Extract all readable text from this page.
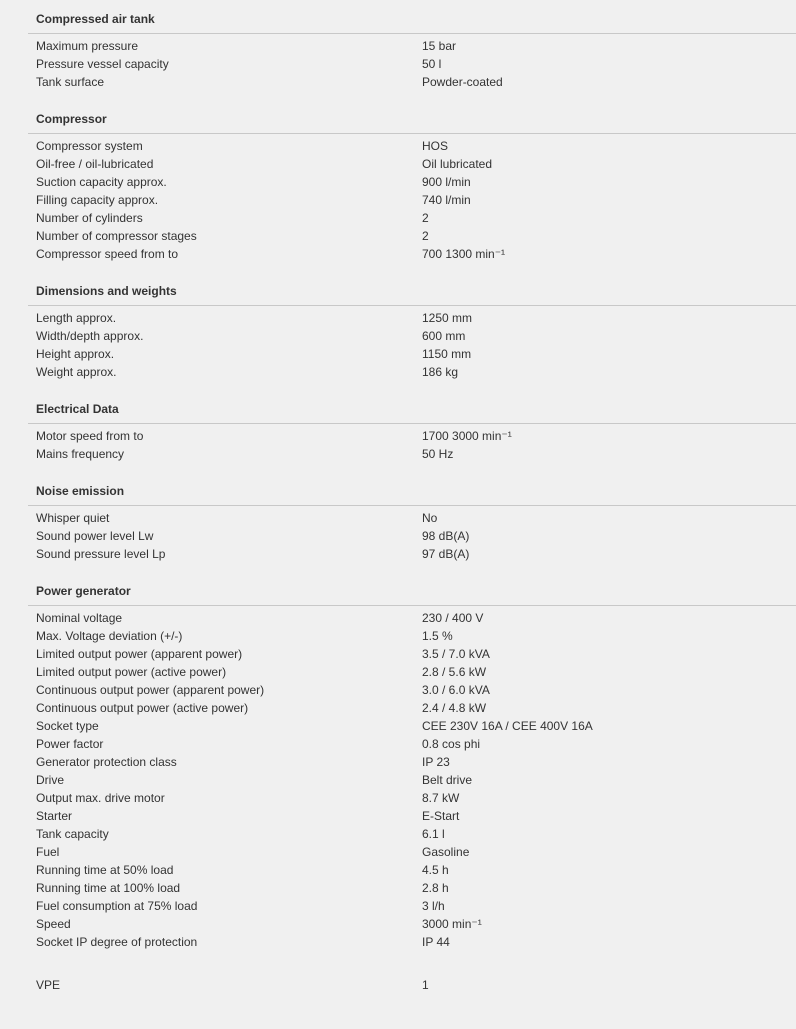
Compressed air tank
Maximum pressure	15 bar
Pressure vessel capacity	50 l
Tank surface	Powder-coated
Compressor
Compressor system	HOS
Oil-free / oil-lubricated	Oil lubricated
Suction capacity approx.	900 l/min
Filling capacity approx.	740 l/min
Number of cylinders	2
Number of compressor stages	2
Compressor speed from to	700 1300 min⁻¹
Dimensions and weights
Length approx.	1250 mm
Width/depth approx.	600 mm
Height approx.	1150 mm
Weight approx.	186 kg
Electrical Data
Motor speed from to	1700 3000 min⁻¹
Mains frequency	50 Hz
Noise emission
Whisper quiet	No
Sound power level Lw	98 dB(A)
Sound pressure level Lp	97 dB(A)
Power generator
Nominal voltage	230 / 400 V
Max. Voltage deviation (+/-)	1.5 %
Limited output power (apparent power)	3.5 / 7.0 kVA
Limited output power (active power)	2.8 / 5.6 kW
Continuous output power (apparent power)	3.0 / 6.0 kVA
Continuous output power (active power)	2.4 / 4.8 kW
Socket type	CEE 230V 16A / CEE 400V 16A
Power factor	0.8 cos phi
Generator protection class	IP 23
Drive	Belt drive
Output max. drive motor	8.7 kW
Starter	E-Start
Tank capacity	6.1 l
Fuel	Gasoline
Running time at 50% load	4.5 h
Running time at 100% load	2.8 h
Fuel consumption at 75% load	3 l/h
Speed	3000 min⁻¹
Socket IP degree of protection	IP 44
VPE	1
